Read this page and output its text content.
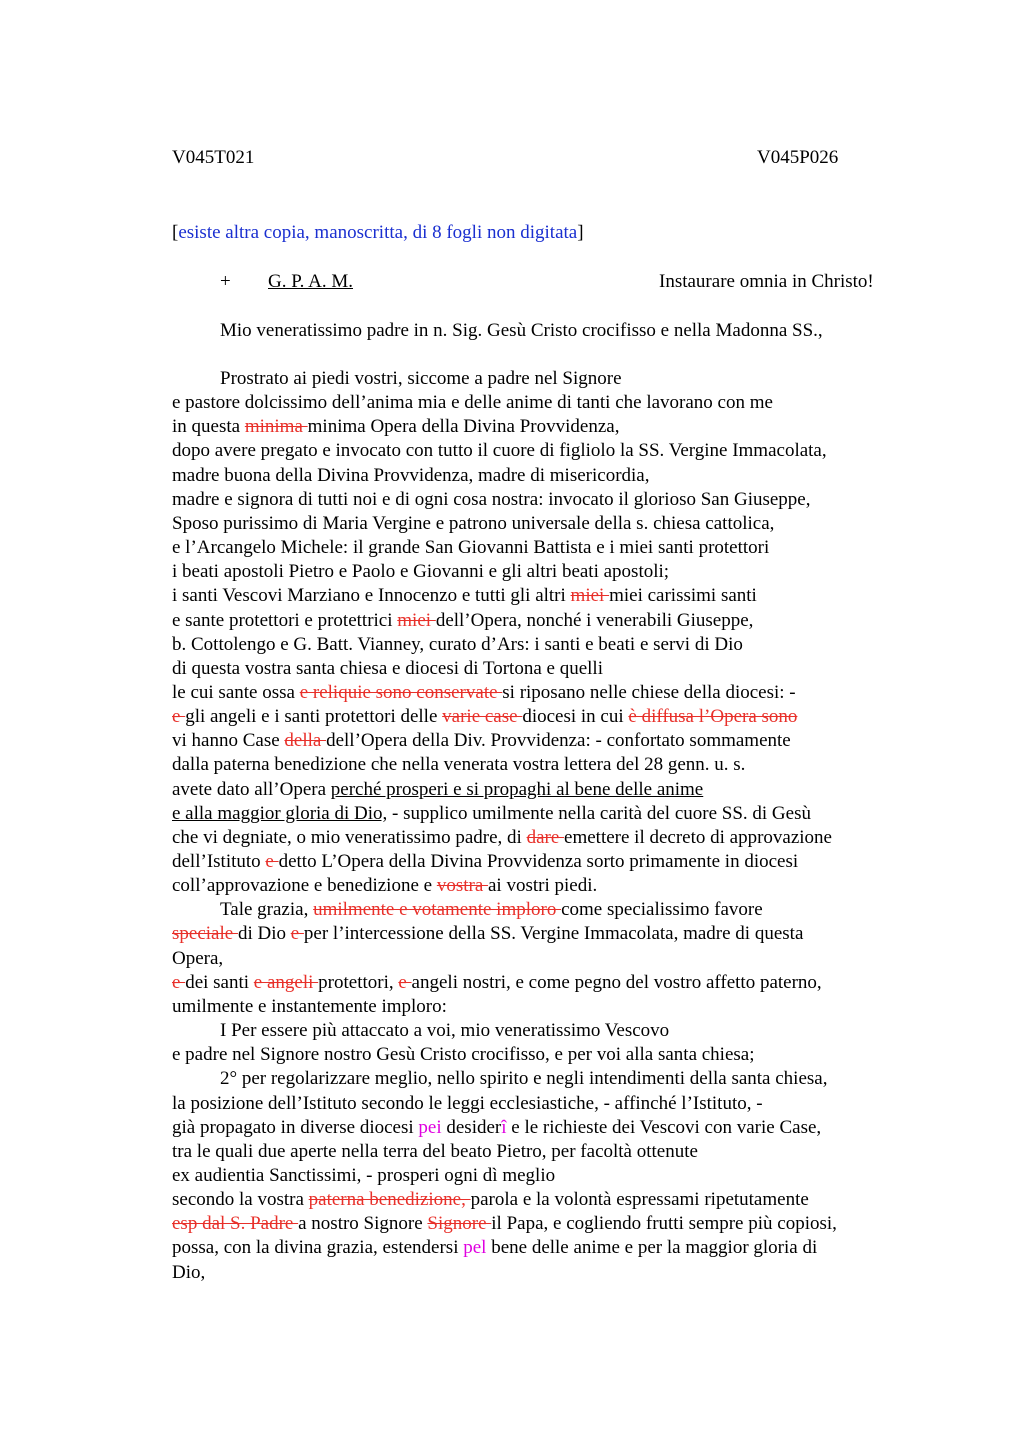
V045T021	V045P026
[esiste altra copia, manoscritta, di 8 fogli non digitata]
+ G. P. A. M.	Instaurare omnia in Christo!
Mio veneratissimo padre in n. Sig. Gesù Cristo crocifisso e nella Madonna SS.,
Prostrato ai piedi vostri, siccome a padre nel Signore
e pastore dolcissimo dell’anima mia e delle anime di tanti che lavorano con me
in questa minima minima Opera della Divina Provvidenza,
dopo avere pregato e invocato con tutto il cuore di figliolo la SS. Vergine Immacolata,
madre buona della Divina Provvidenza, madre di misericordia,
madre e signora di tutti noi e di ogni cosa nostra: invocato il glorioso San Giuseppe,
Sposo purissimo di Maria Vergine e patrono universale della s. chiesa cattolica,
e l’Arcangelo Michele: il grande San Giovanni Battista e i miei santi protettori
i beati apostoli Pietro e Paolo e Giovanni e gli altri beati apostoli;
i santi Vescovi Marziano e Innocenzo e tutti gli altri miei miei carissimi santi
e sante protettori e protettrici miei dell’Opera, nonché i venerabili Giuseppe,
b. Cottolengo e G. Batt. Vianney, curato d’Ars: i santi e beati e servi di Dio
di questa vostra santa chiesa e diocesi di Tortona e quelli
le cui sante ossa e reliquie sono conservate si riposano nelle chiese della diocesi: -
e gli angeli e i santi protettori delle varie case diocesi in cui è diffusa l’Opera sono
vi hanno Case della dell’Opera della Div. Provvidenza: - confortato sommamente
dalla paterna benedizione che nella venerata vostra lettera del 28 genn. u. s.
avete dato all’Opera perché prosperi e si propaghi al bene delle anime
e alla maggior gloria di Dio, - supplico umilmente nella carità del cuore SS. di Gesù
che vi degniate, o mio veneratissimo padre, di dare emettere il decreto di approvazione
dell’Istituto e detto L’Opera della Divina Provvidenza sorto primamente in diocesi
coll’approvazione e benedizione e vostra ai vostri piedi.
Tale grazia, umilmente e votamente imploro come specialissimo favore
speciale di Dio e per l’intercessione della SS. Vergine Immacolata, madre di questa
Opera,
e dei santi e angeli protettori, e angeli nostri, e come pegno del vostro affetto paterno,
umilmente e instantemente imploro:
I Per essere più attaccato a voi, mio veneratissimo Vescovo
e padre nel Signore nostro Gesù Cristo crocifisso, e per voi alla santa chiesa;
2° per regolarizzare meglio, nello spirito e negli intendimenti della santa chiesa,
la posizione dell’Istituto secondo le leggi ecclesiastiche, - affinché l’Istituto, -
già propagato in diverse diocesi pei desiderî e le richieste dei Vescovi con varie Case,
tra le quali due aperte nella terra del beato Pietro, per facoltà ottenute
ex audientia Sanctissimi, - prosperi ogni dì meglio
secondo la vostra paterna benedizione, parola e la volontà espressami ripetutamente
esp dal S. Padre a nostro Signore Signore il Papa, e cogliendo frutti sempre più copiosi,
possa, con la divina grazia, estendersi pel bene delle anime e per la maggior gloria di
Dio,
